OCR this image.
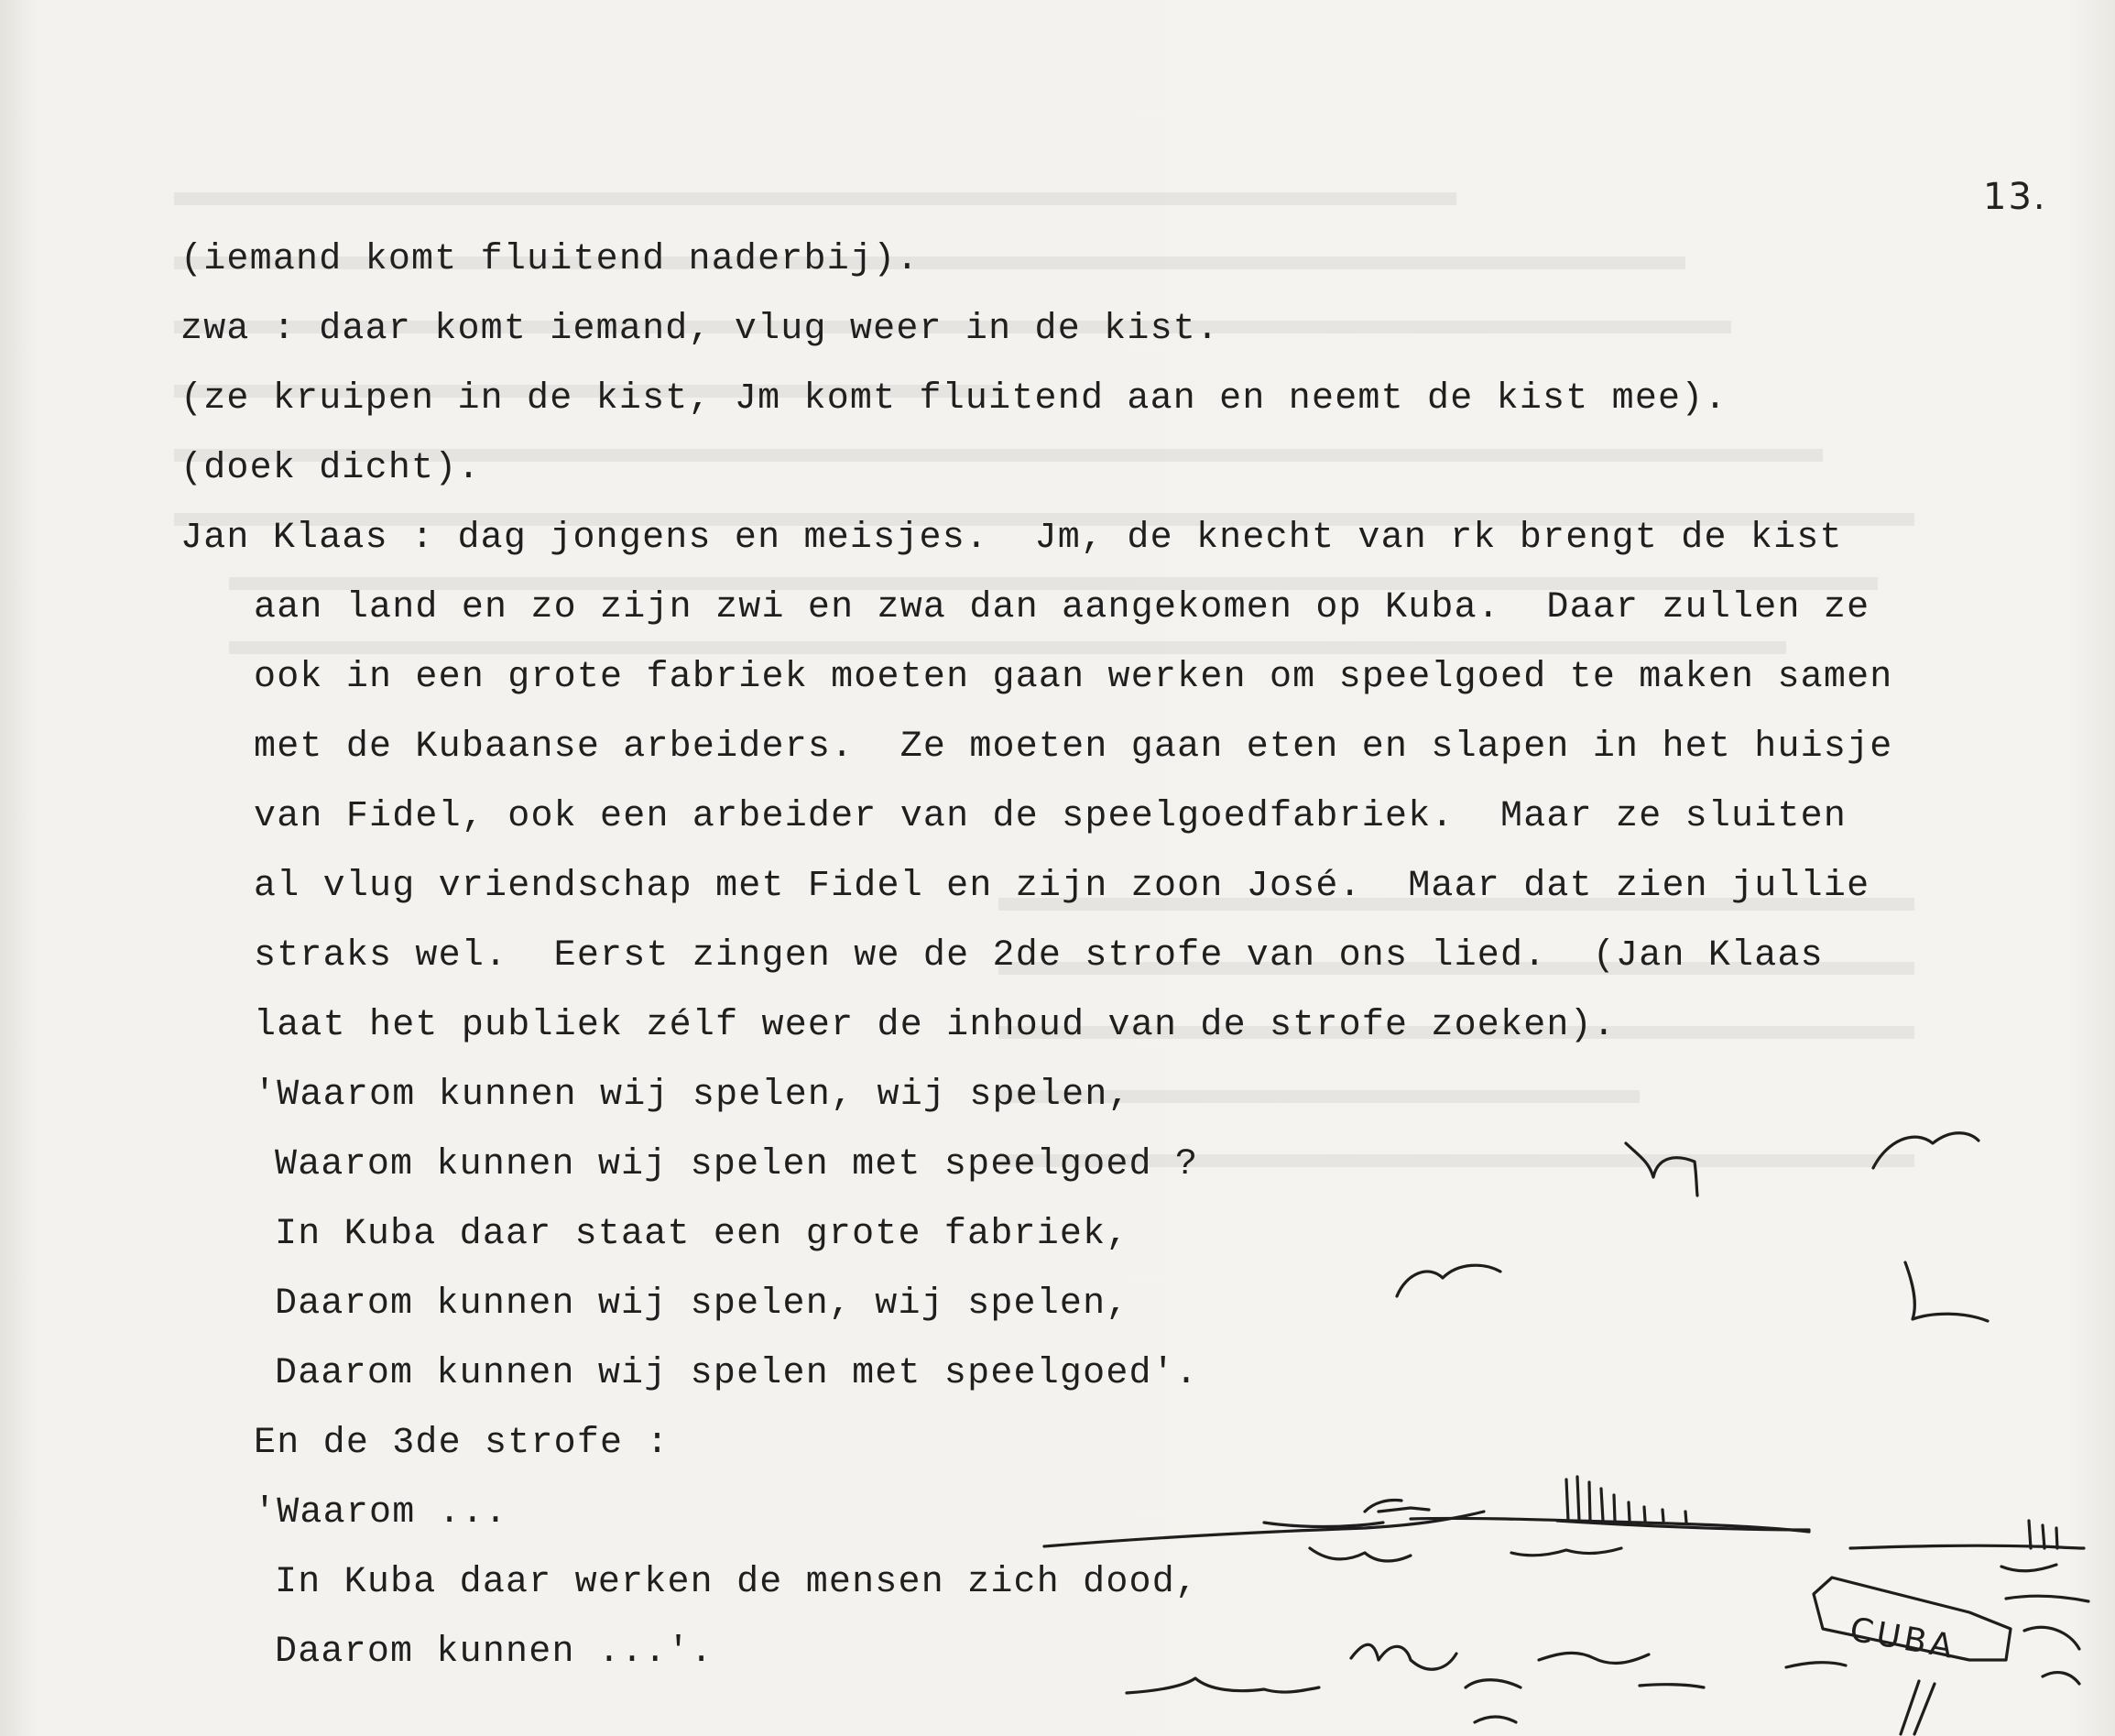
13.
(iemand komt fluitend naderbij).
zwa : daar komt iemand, vlug weer in de kist.
(ze kruipen in de kist, Jm komt fluitend aan en neemt de kist mee).
(doek dicht).
Jan Klaas : dag jongens en meisjes.  Jm, de knecht van rk brengt de kist
aan land en zo zijn zwi en zwa dan aangekomen op Kuba.  Daar zullen ze
ook in een grote fabriek moeten gaan werken om speelgoed te maken samen
met de Kubaanse arbeiders.  Ze moeten gaan eten en slapen in het huisje
van Fidel, ook een arbeider van de speelgoedfabriek.  Maar ze sluiten
al vlug vriendschap met Fidel en zijn zoon José.  Maar dat zien jullie
straks wel.  Eerst zingen we de 2de strofe van ons lied.  (Jan Klaas
laat het publiek zélf weer de inhoud van de strofe zoeken).
'Waarom kunnen wij spelen, wij spelen,
Waarom kunnen wij spelen met speelgoed ?
In Kuba daar staat een grote fabriek,
Daarom kunnen wij spelen, wij spelen,
Daarom kunnen wij spelen met speelgoed'.
En de 3de strofe :
'Waarom ...
In Kuba daar werken de mensen zich dood,
Daarom kunnen ...'.	CUBA
